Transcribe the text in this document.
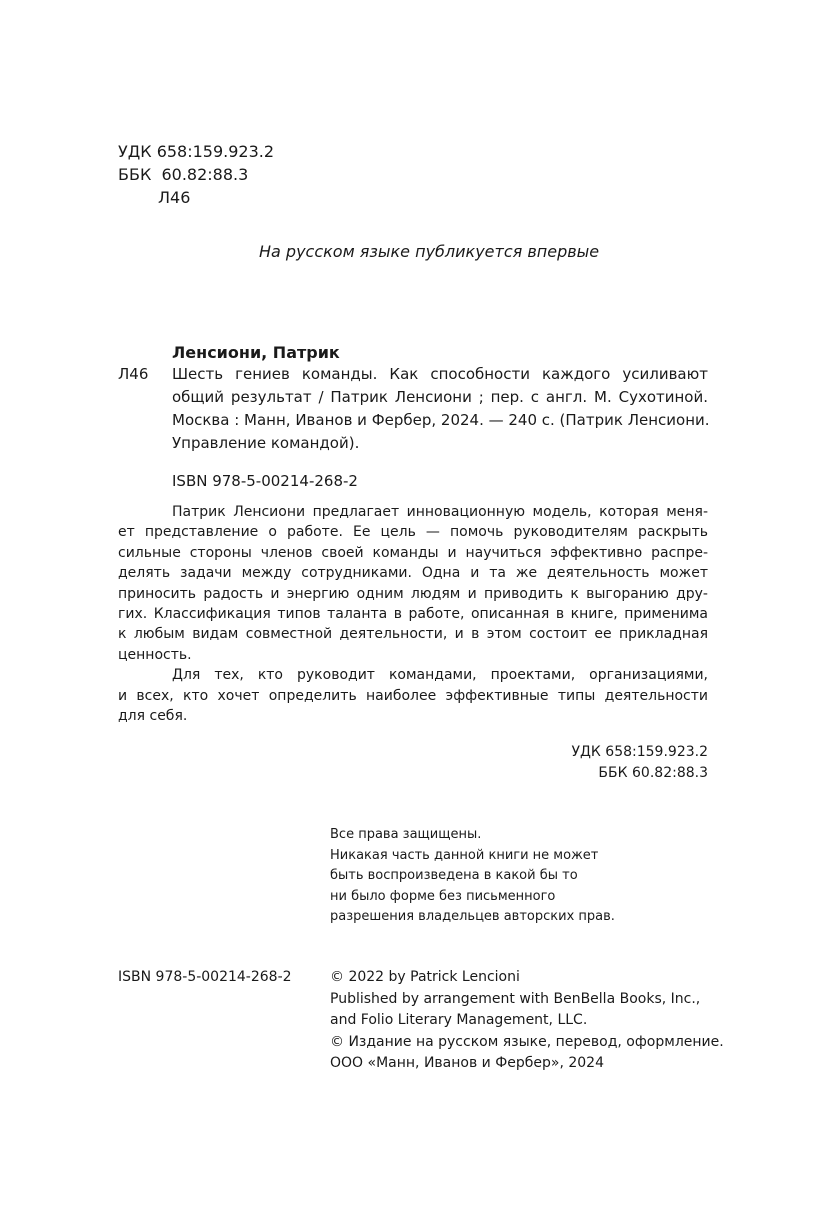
УДК 658:159.923.2
ББК  60.82:88.3
Л46
На русском языке публикуется впервые
Ленсиони, Патрик
Л46 Шесть гениев команды. Как способности каждого усиливают
общий результат / Патрик Ленсиони ; пер. с англ. М. Сухотиной.
Москва : Манн, Иванов и Фербер, 2024. — 240 с. (Патрик Ленсиони.
Управление командой).
ISBN 978-5-00214-268-2
Патрик Ленсиони предлагает инновационную модель, которая меня-
ет представление о работе. Ее цель — помочь руководителям раскрыть
сильные стороны членов своей команды и научиться эффективно распре-
делять задачи между сотрудниками. Одна и та же деятельность может
приносить радость и энергию одним людям и приводить к выгоранию дру-
гих. Классификация типов таланта в работе, описанная в книге, применима
к любым видам совместной деятельности, и в этом состоит ее прикладная
ценность.
Для тех, кто руководит командами, проектами, организациями,
и всех, кто хочет определить наиболее эффективные типы деятельности
для себя.
УДК 658:159.923.2
ББК 60.82:88.3
Все права защищены.
Никакая часть данной книги не может
быть воспроизведена в какой бы то
ни было форме без письменного
разрешения владельцев авторских прав.
ISBN 978-5-00214-268-2	© 2022 by Patrick Lencioni
Published by arrangement with BenBella Books, Inc.,
and Folio Literary Management, LLC.
© Издание на русском языке, перевод, оформление.
ООО «Манн, Иванов и Фербер», 2024
